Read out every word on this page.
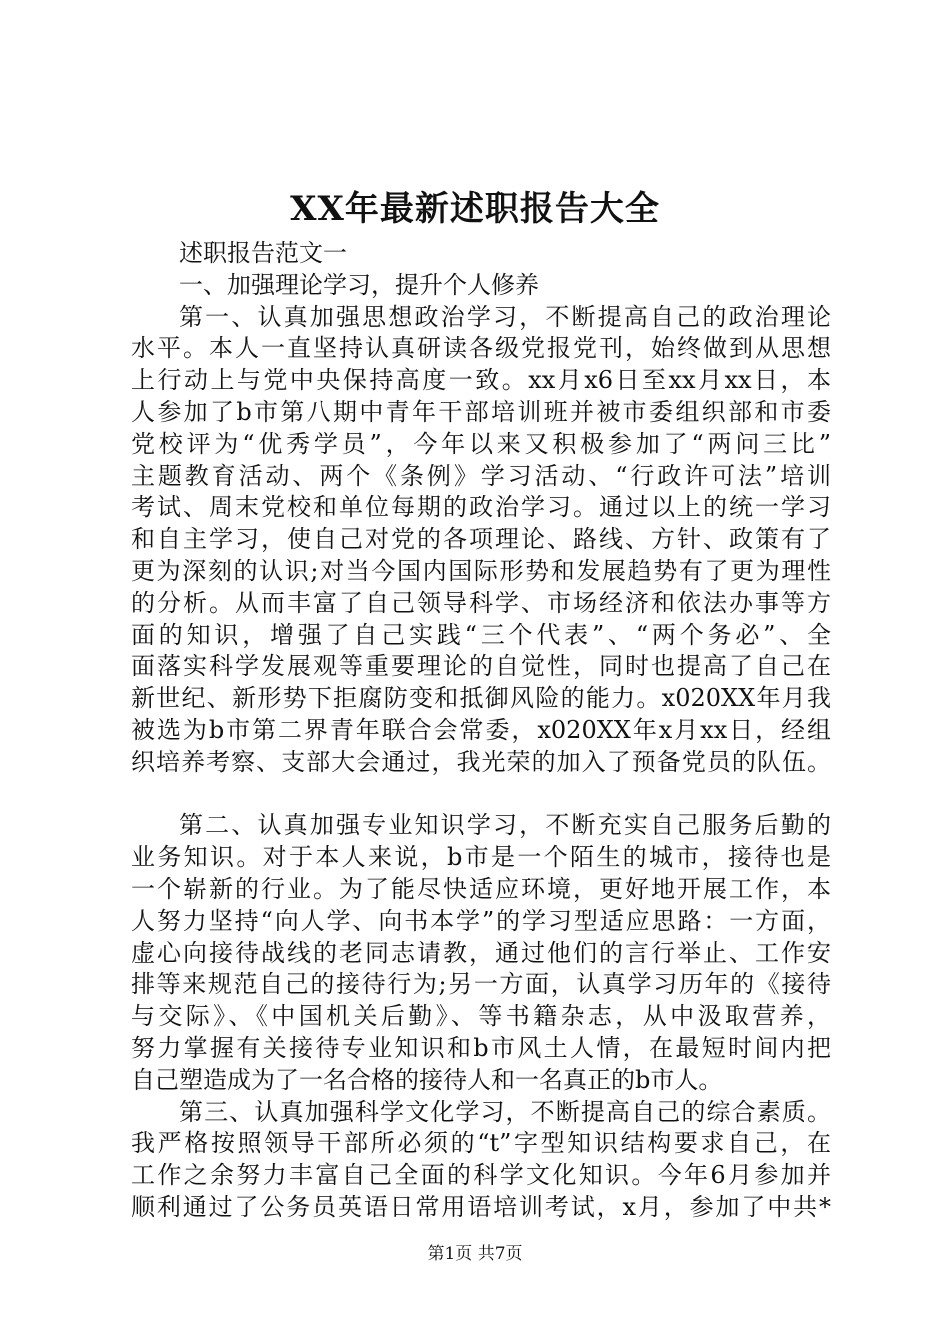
XX年最新述职报告大全
述职报告范文一
一、加强理论学习，提升个人修养
第一、认真加强思想政治学习，不断提高自己的政治理论
水平。本人一直坚持认真研读各级党报党刊，始终做到从思想
上行动上与党中央保持高度一致。xx月x6日至xx月xx日，本
人参加了b市第八期中青年干部培训班并被市委组织部和市委
党校评为“优秀学员”，今年以来又积极参加了“两问三比”
主题教育活动、两个《条例》学习活动、“行政许可法”培训
考试、周末党校和单位每期的政治学习。通过以上的统一学习
和自主学习，使自己对党的各项理论、路线、方针、政策有了
更为深刻的认识;对当今国内国际形势和发展趋势有了更为理性
的分析。从而丰富了自己领导科学、市场经济和依法办事等方
面的知识，增强了自己实践“三个代表”、“两个务必”、全
面落实科学发展观等重要理论的自觉性，同时也提高了自己在
新世纪、新形势下拒腐防变和抵御风险的能力。x020XX年月我
被选为b市第二界青年联合会常委，x020XX年x月xx日，经组
织培养考察、支部大会通过，我光荣的加入了预备党员的队伍。
第二、认真加强专业知识学习，不断充实自己服务后勤的
业务知识。对于本人来说，b市是一个陌生的城市，接待也是
一个崭新的行业。为了能尽快适应环境，更好地开展工作，本
人努力坚持“向人学、向书本学”的学习型适应思路：一方面，
虚心向接待战线的老同志请教，通过他们的言行举止、工作安
排等来规范自己的接待行为;另一方面，认真学习历年的《接待
与交际》、《中国机关后勤》、等书籍杂志，从中汲取营养，
努力掌握有关接待专业知识和b市风土人情，在最短时间内把
自己塑造成为了一名合格的接待人和一名真正的b市人。
第三、认真加强科学文化学习，不断提高自己的综合素质。
我严格按照领导干部所必须的“t”字型知识结构要求自己，在
工作之余努力丰富自己全面的科学文化知识。今年6月参加并
顺利通过了公务员英语日常用语培训考试，x月，参加了中共*
第1页 共7页
